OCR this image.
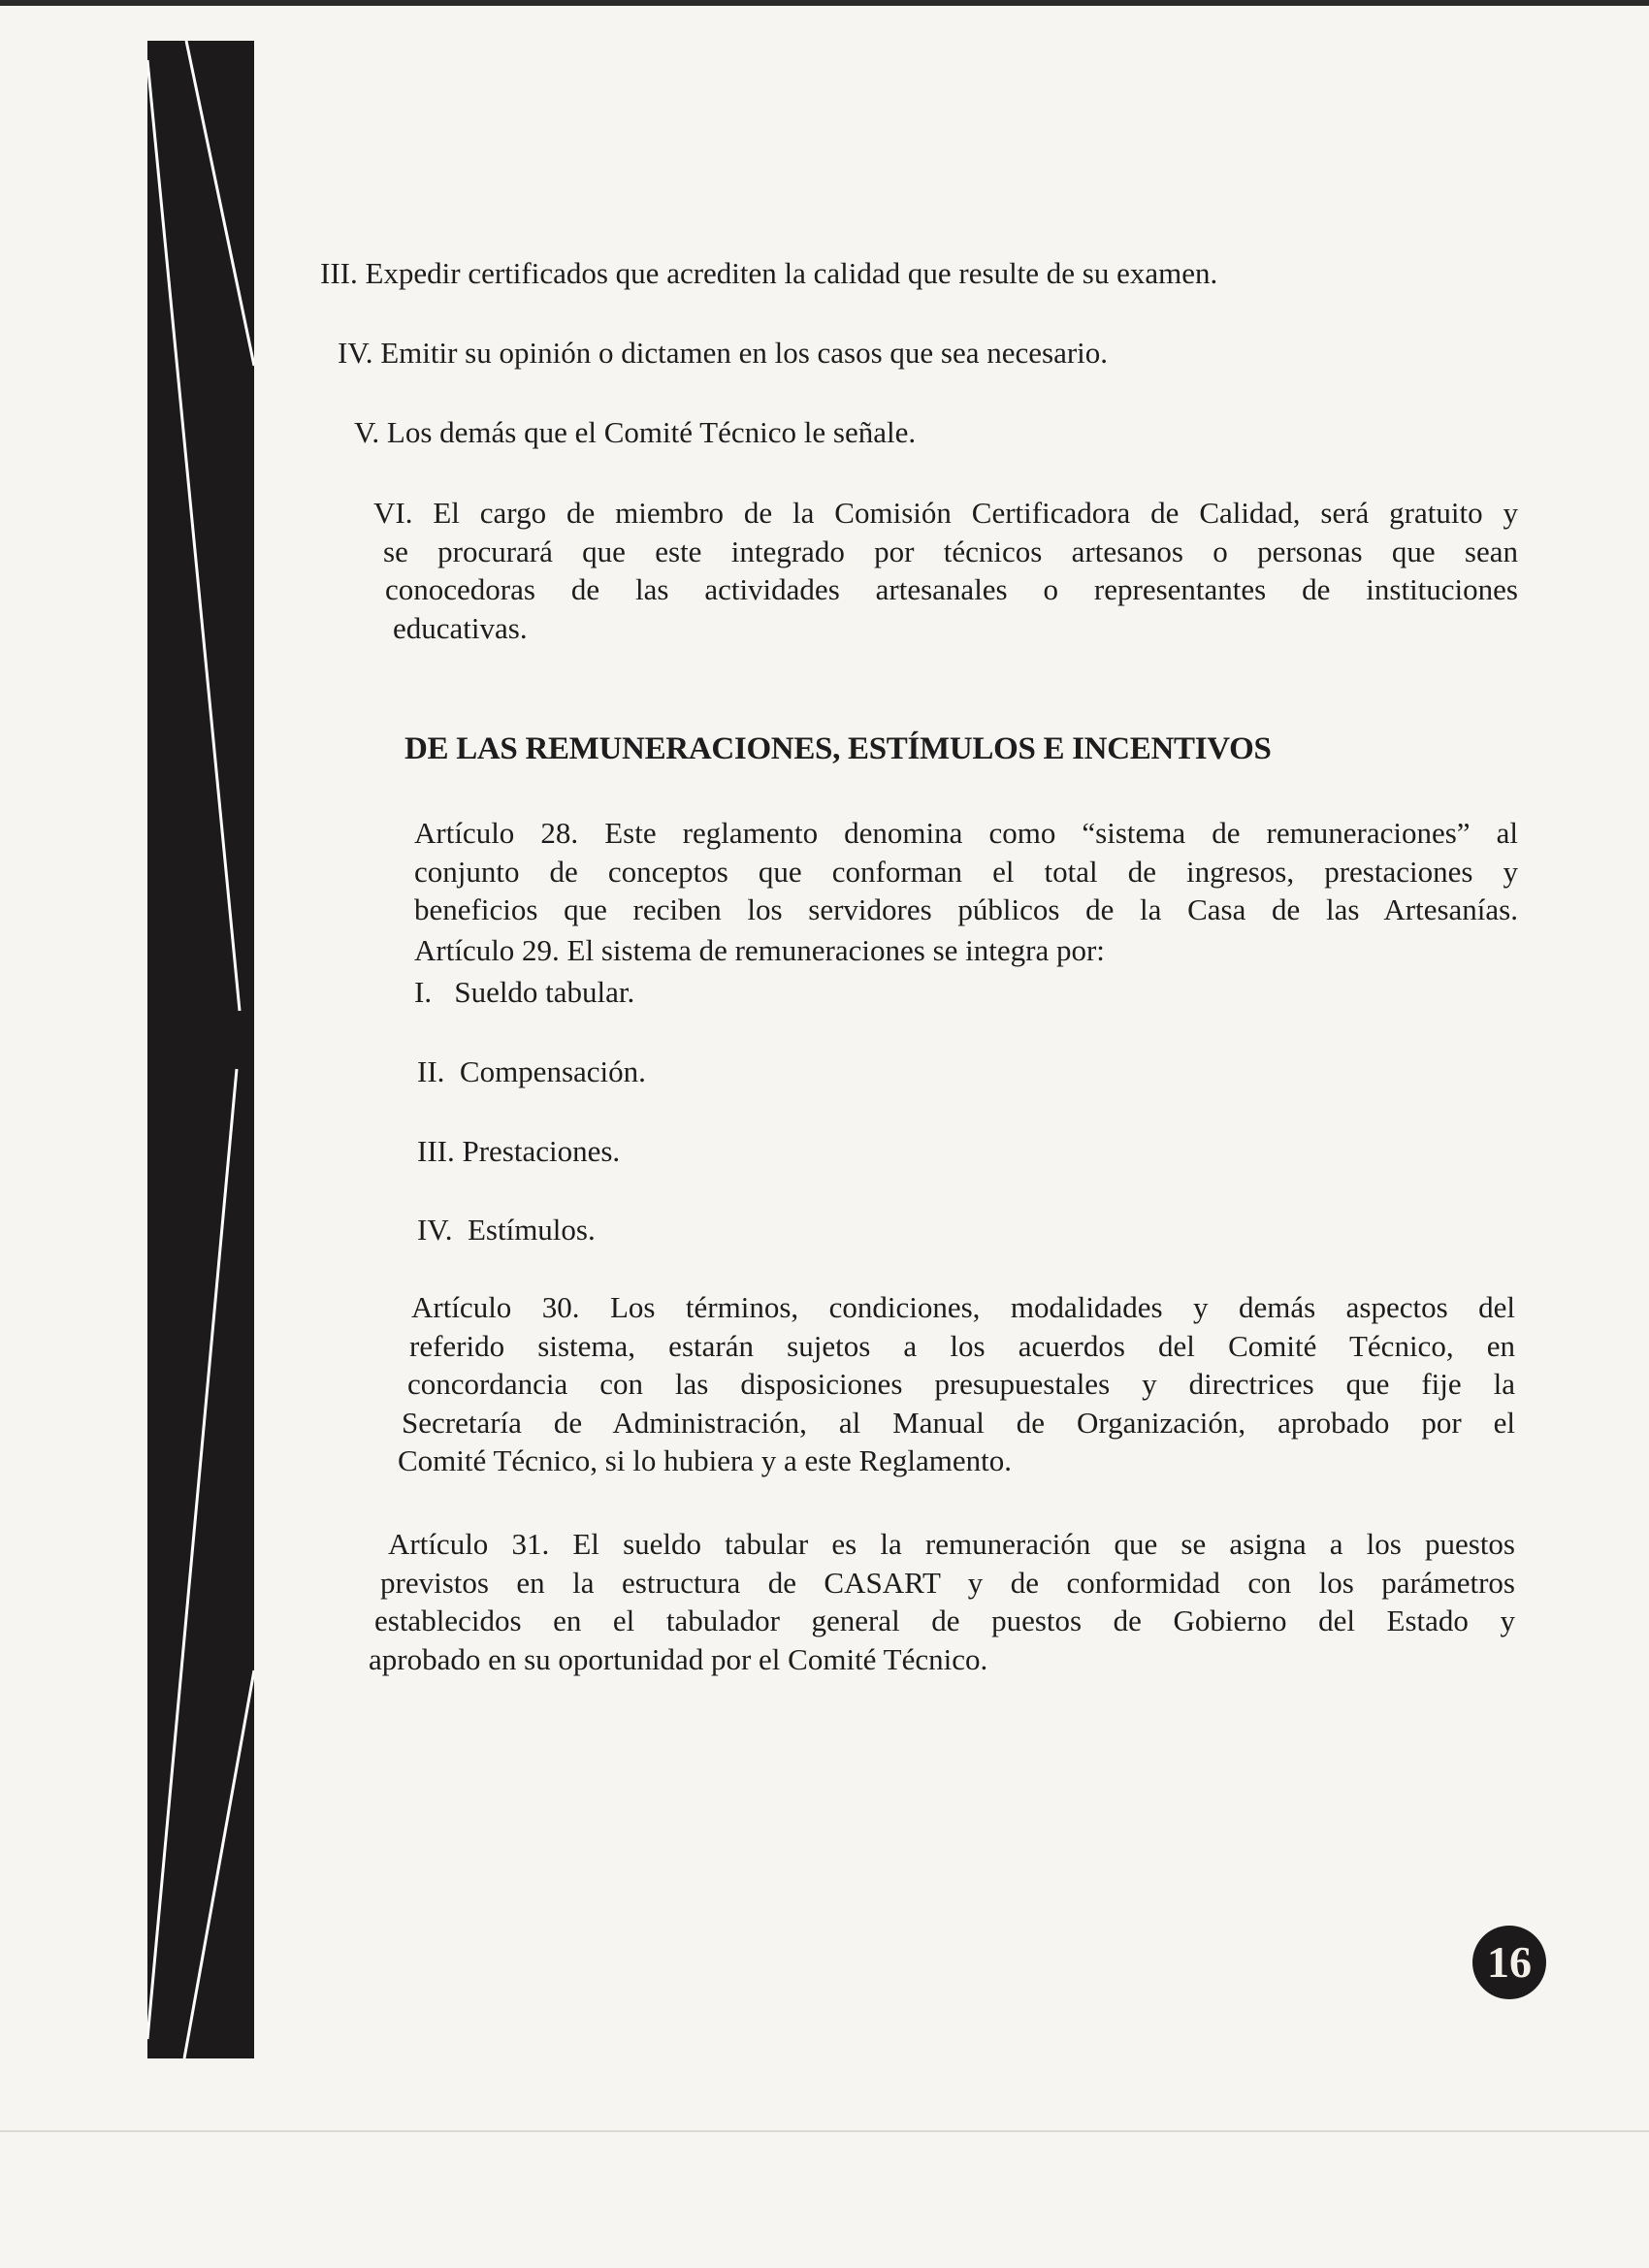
III. Expedir certificados que acrediten la calidad que resulte de su examen.
IV. Emitir su opinión o dictamen en los casos que sea necesario.
V. Los demás que el Comité Técnico le señale.
VI. El cargo de miembro de la Comisión Certificadora de Calidad, será gratuito y
se procurará que este integrado por técnicos artesanos o personas que sean
conocedoras de las actividades artesanales o representantes de instituciones
educativas.
DE LAS REMUNERACIONES, ESTÍMULOS E INCENTIVOS
Artículo 28. Este reglamento denomina como “sistema de remuneraciones” al
conjunto de conceptos que conforman el total de ingresos, prestaciones y
beneficios que reciben los servidores públicos de la Casa de las Artesanías.
Artículo 29. El sistema de remuneraciones se integra por:
I.   Sueldo tabular.
II.  Compensación.
III. Prestaciones.
IV.  Estímulos.
Artículo 30. Los términos, condiciones, modalidades y demás aspectos del
referido sistema, estarán sujetos a los acuerdos del Comité Técnico, en
concordancia con las disposiciones presupuestales y directrices que fije la
Secretaría de Administración, al Manual de Organización, aprobado por el
Comité Técnico, si lo hubiera y a este Reglamento.
Artículo 31. El sueldo tabular es la remuneración que se asigna a los puestos
previstos en la estructura de CASART y de conformidad con los parámetros
establecidos en el tabulador general de puestos de Gobierno del Estado y
aprobado en su oportunidad por el Comité Técnico.
16
